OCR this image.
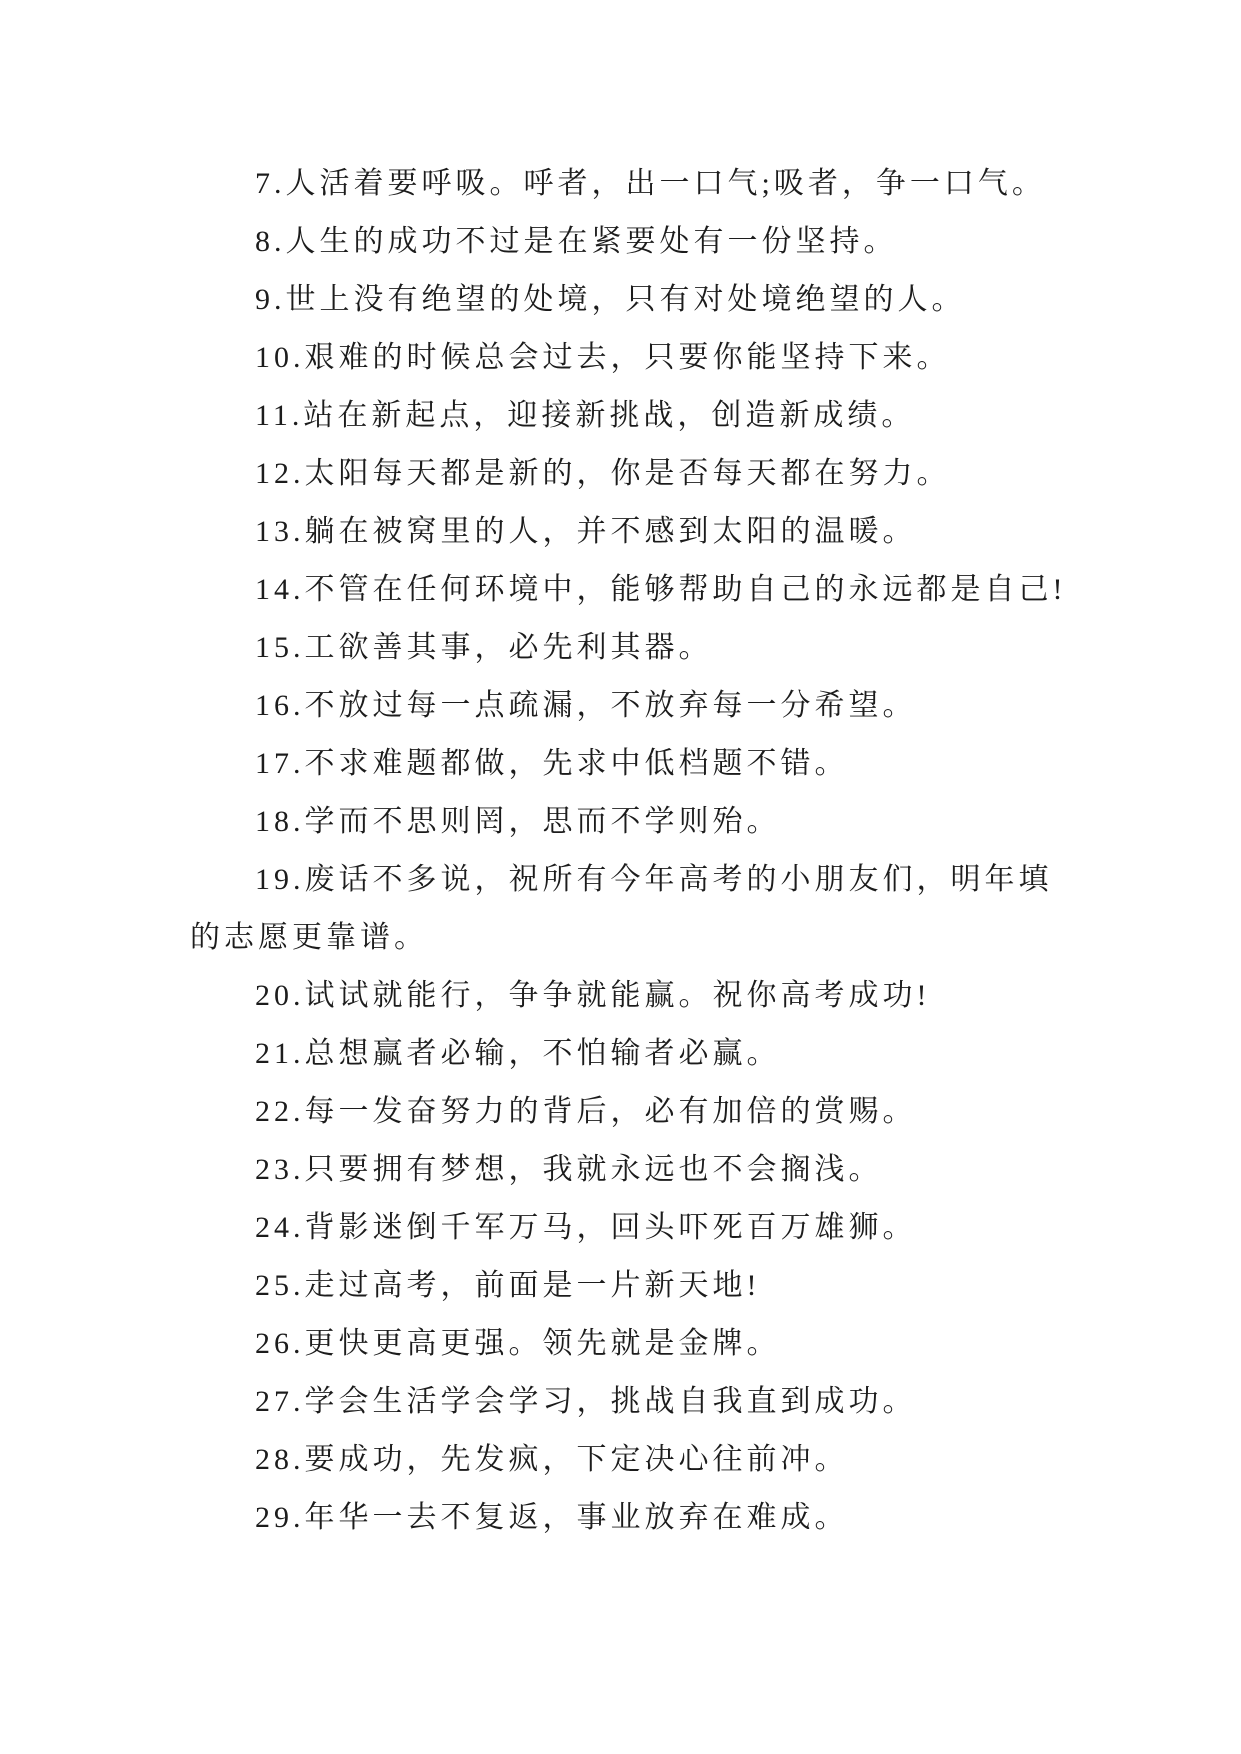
7.人活着要呼吸。呼者，出一口气;吸者，争一口气。
8.人生的成功不过是在紧要处有一份坚持。
9.世上没有绝望的处境，只有对处境绝望的人。
10.艰难的时候总会过去，只要你能坚持下来。
11.站在新起点，迎接新挑战，创造新成绩。
12.太阳每天都是新的，你是否每天都在努力。
13.躺在被窝里的人，并不感到太阳的温暖。
14.不管在任何环境中，能够帮助自己的永远都是自己!
15.工欲善其事，必先利其器。
16.不放过每一点疏漏，不放弃每一分希望。
17.不求难题都做，先求中低档题不错。
18.学而不思则罔，思而不学则殆。
19.废话不多说，祝所有今年高考的小朋友们，明年填
的志愿更靠谱。
20.试试就能行，争争就能赢。祝你高考成功!
21.总想赢者必输，不怕输者必赢。
22.每一发奋努力的背后，必有加倍的赏赐。
23.只要拥有梦想，我就永远也不会搁浅。
24.背影迷倒千军万马，回头吓死百万雄狮。
25.走过高考，前面是一片新天地!
26.更快更高更强。领先就是金牌。
27.学会生活学会学习，挑战自我直到成功。
28.要成功，先发疯，下定决心往前冲。
29.年华一去不复返，事业放弃在难成。
